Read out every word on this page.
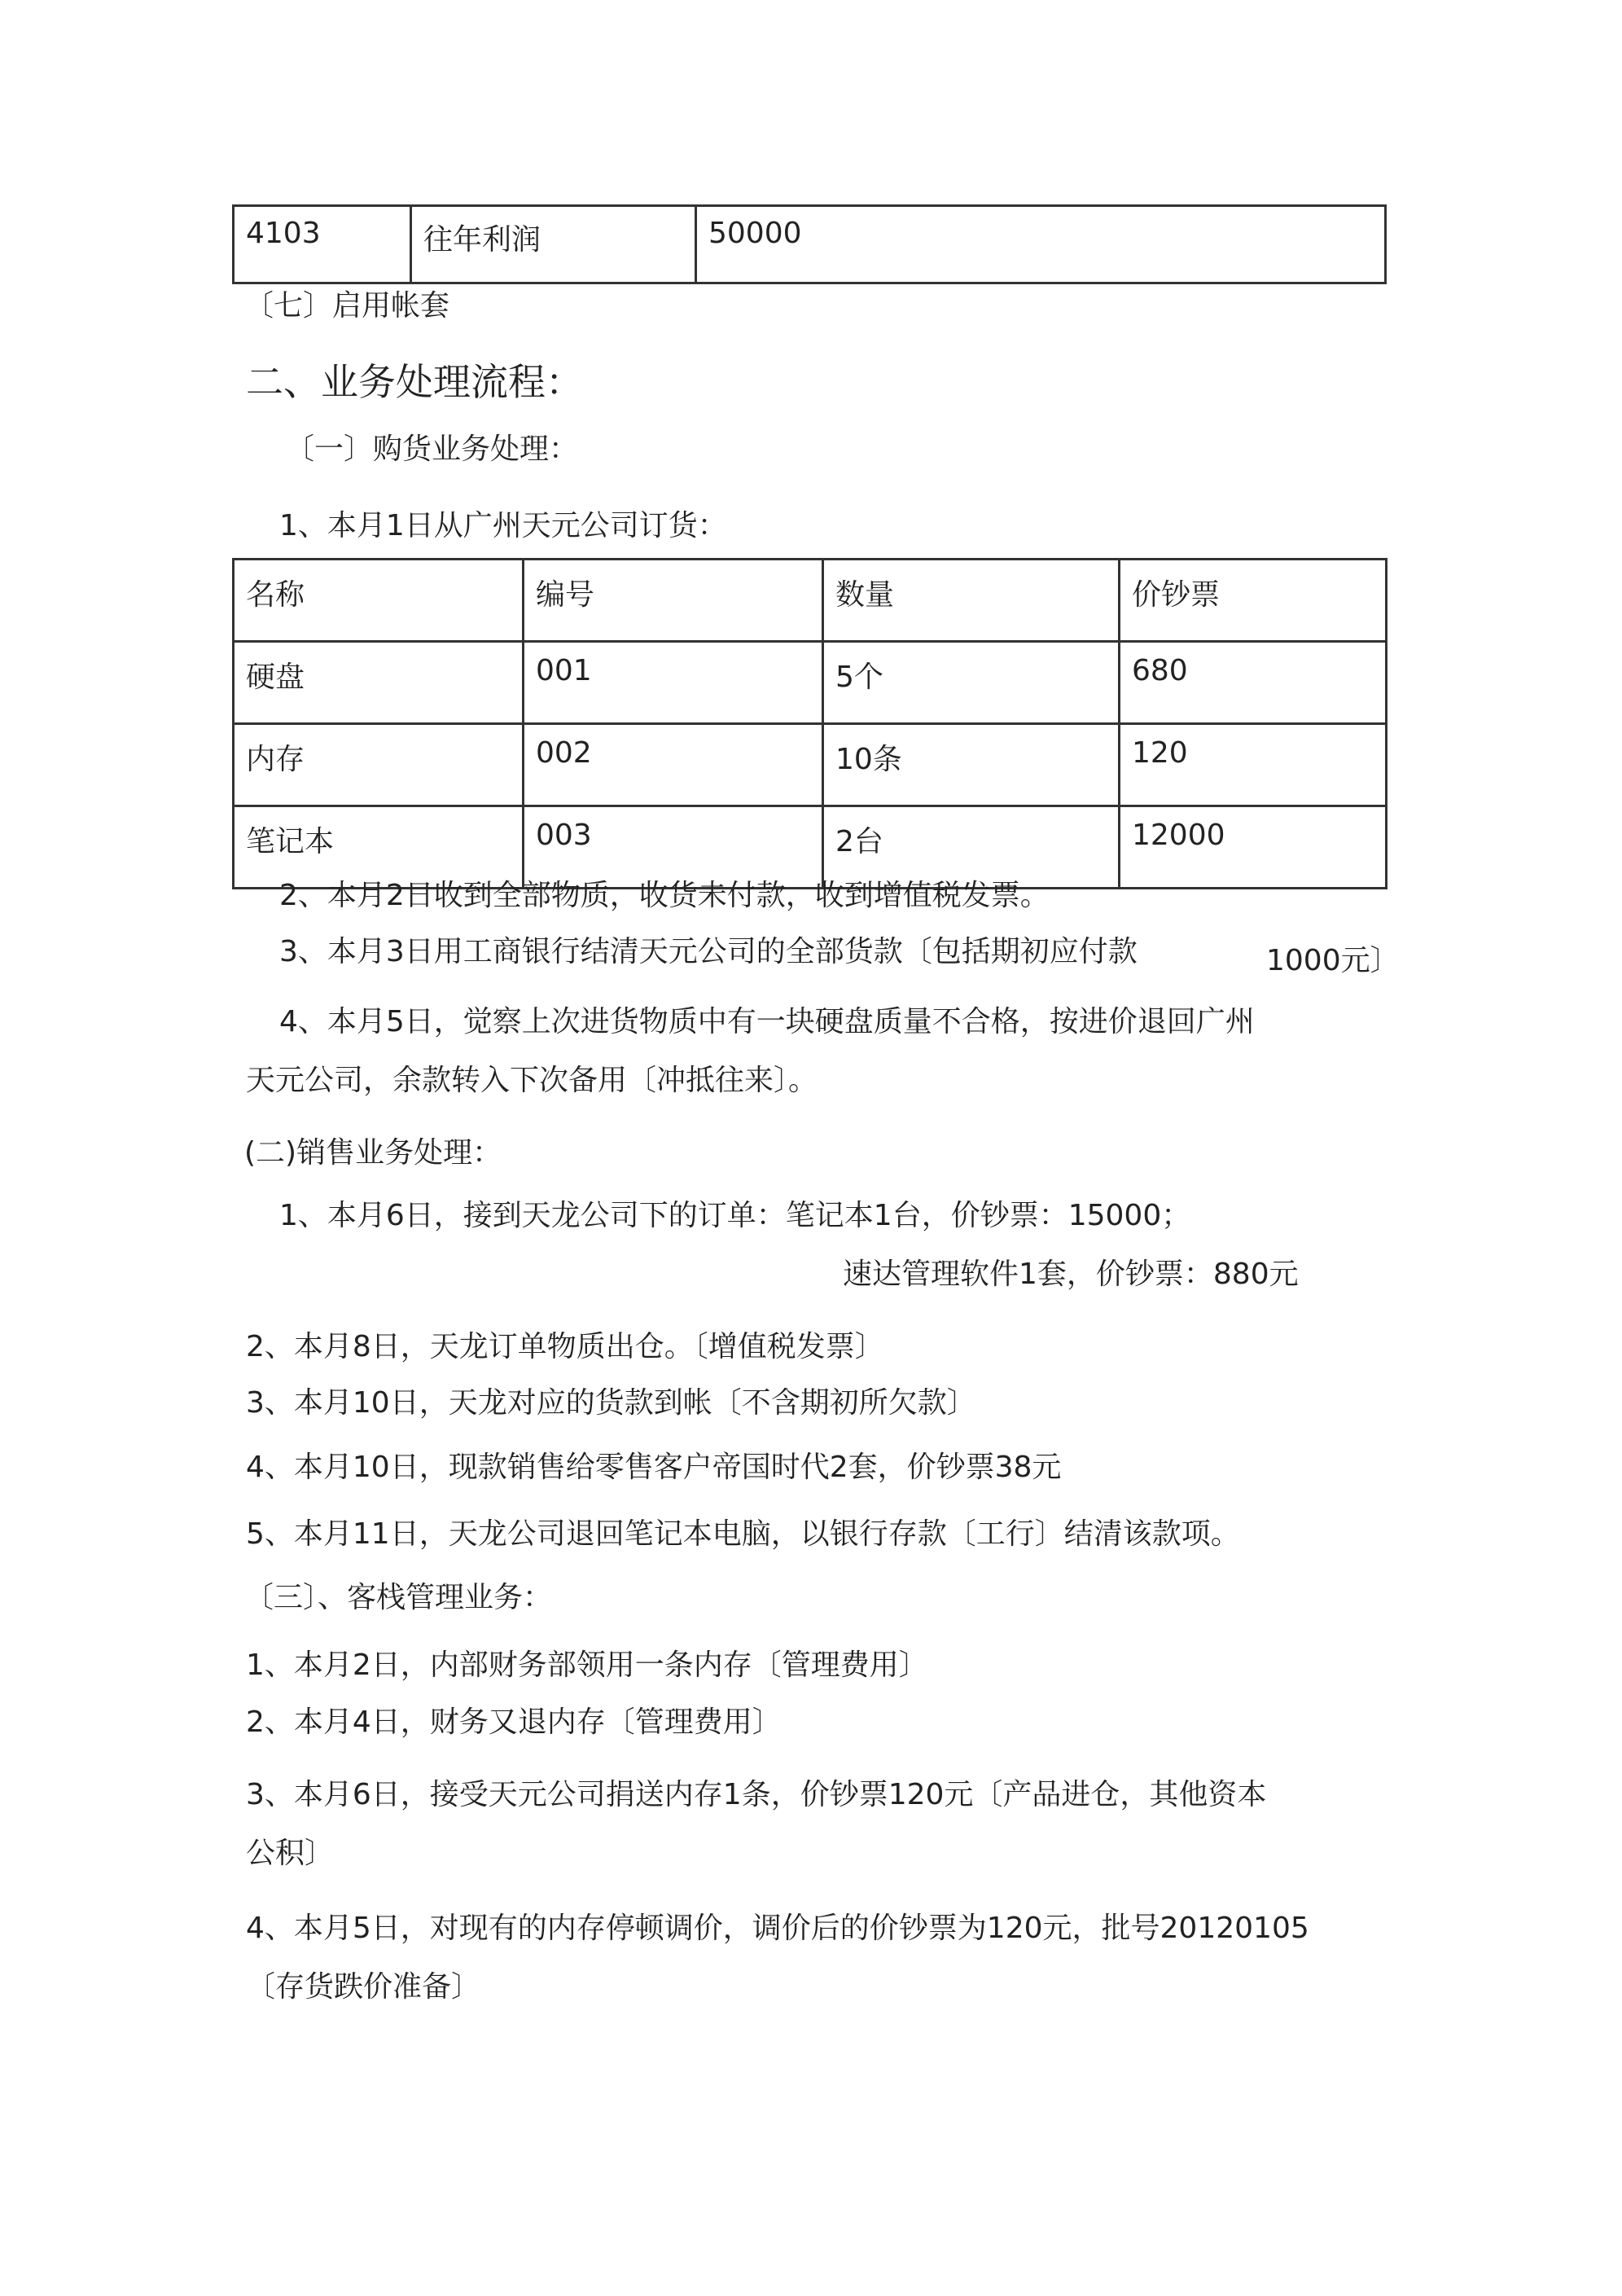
4103	往年利润	50000
〔七〕启用帐套
二、业务处理流程：
〔一〕购货业务处理：
1、本月1日从广州天元公司订货：
名称	编号	数量	价钞票
硬盘	001	5个	680
内存	002	10条	120
笔记本	003	2台	12000
2、本月2日收到全部物质，收货未付款，收到增值税发票。
3、本月3日用工商银行结清天元公司的全部货款〔包括期初应付款	1000元〕
4、本月5日，觉察上次进货物质中有一块硬盘质量不合格，按进价退回广州
天元公司，余款转入下次备用〔冲抵往来〕。
(二)销售业务处理：
1、本月6日，接到天龙公司下的订单：笔记本1台，价钞票：15000；
速达管理软件1套，价钞票：880元
2、本月8日，天龙订单物质出仓。〔增值税发票〕
3、本月10日，天龙对应的货款到帐〔不含期初所欠款〕
4、本月10日，现款销售给零售客户帝国时代2套，价钞票38元
5、本月11日，天龙公司退回笔记本电脑，以银行存款〔工行〕结清该款项。
〔三〕、客栈管理业务：
1、本月2日，内部财务部领用一条内存〔管理费用〕
2、本月4日，财务又退内存〔管理费用〕
3、本月6日，接受天元公司捐送内存1条，价钞票120元〔产品进仓，其他资本
公积〕
4、本月5日，对现有的内存停顿调价，调价后的价钞票为120元，批号20120105
〔存货跌价准备〕
